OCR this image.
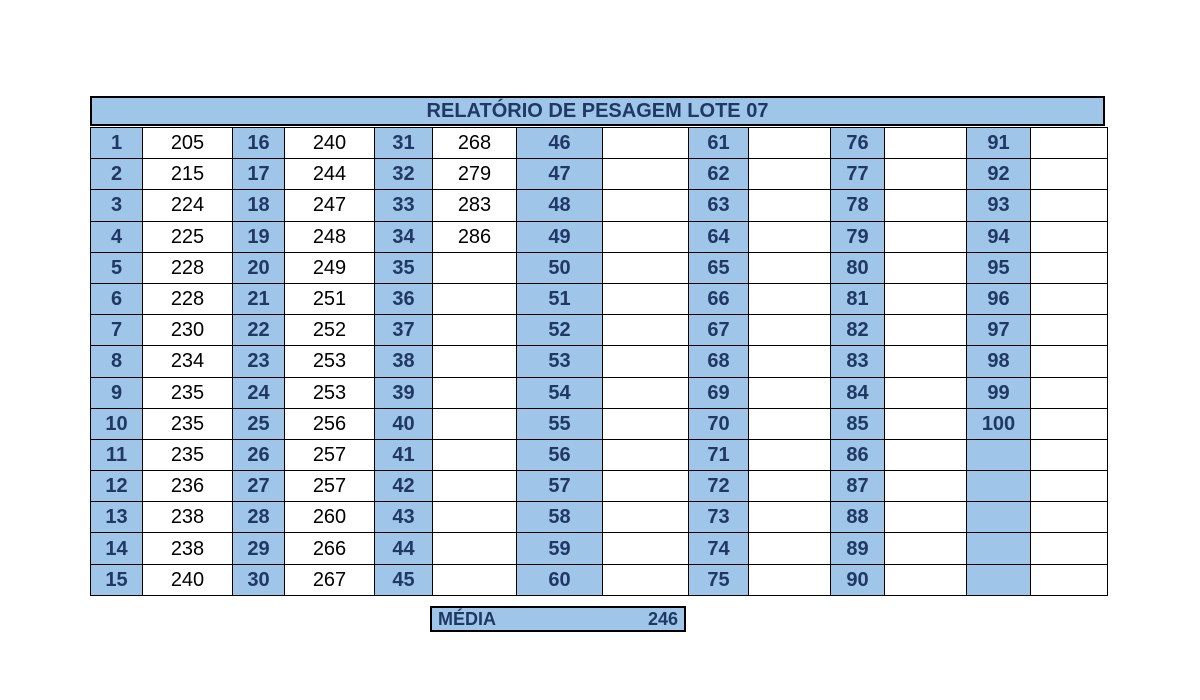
RELATÓRIO DE PESAGEM LOTE 07
1	205	16	240	31	268	46		61		76		91	
2	215	17	244	32	279	47		62		77		92	
3	224	18	247	33	283	48		63		78		93	
4	225	19	248	34	286	49		64		79		94	
5	228	20	249	35		50		65		80		95	
6	228	21	251	36		51		66		81		96	
7	230	22	252	37		52		67		82		97	
8	234	23	253	38		53		68		83		98	
9	235	24	253	39		54		69		84		99	
10	235	25	256	40		55		70		85		100	
11	235	26	257	41		56		71		86			
12	236	27	257	42		57		72		87			
13	238	28	260	43		58		73		88			
14	238	29	266	44		59		74		89			
15	240	30	267	45		60		75		90			
MÉDIA	246
